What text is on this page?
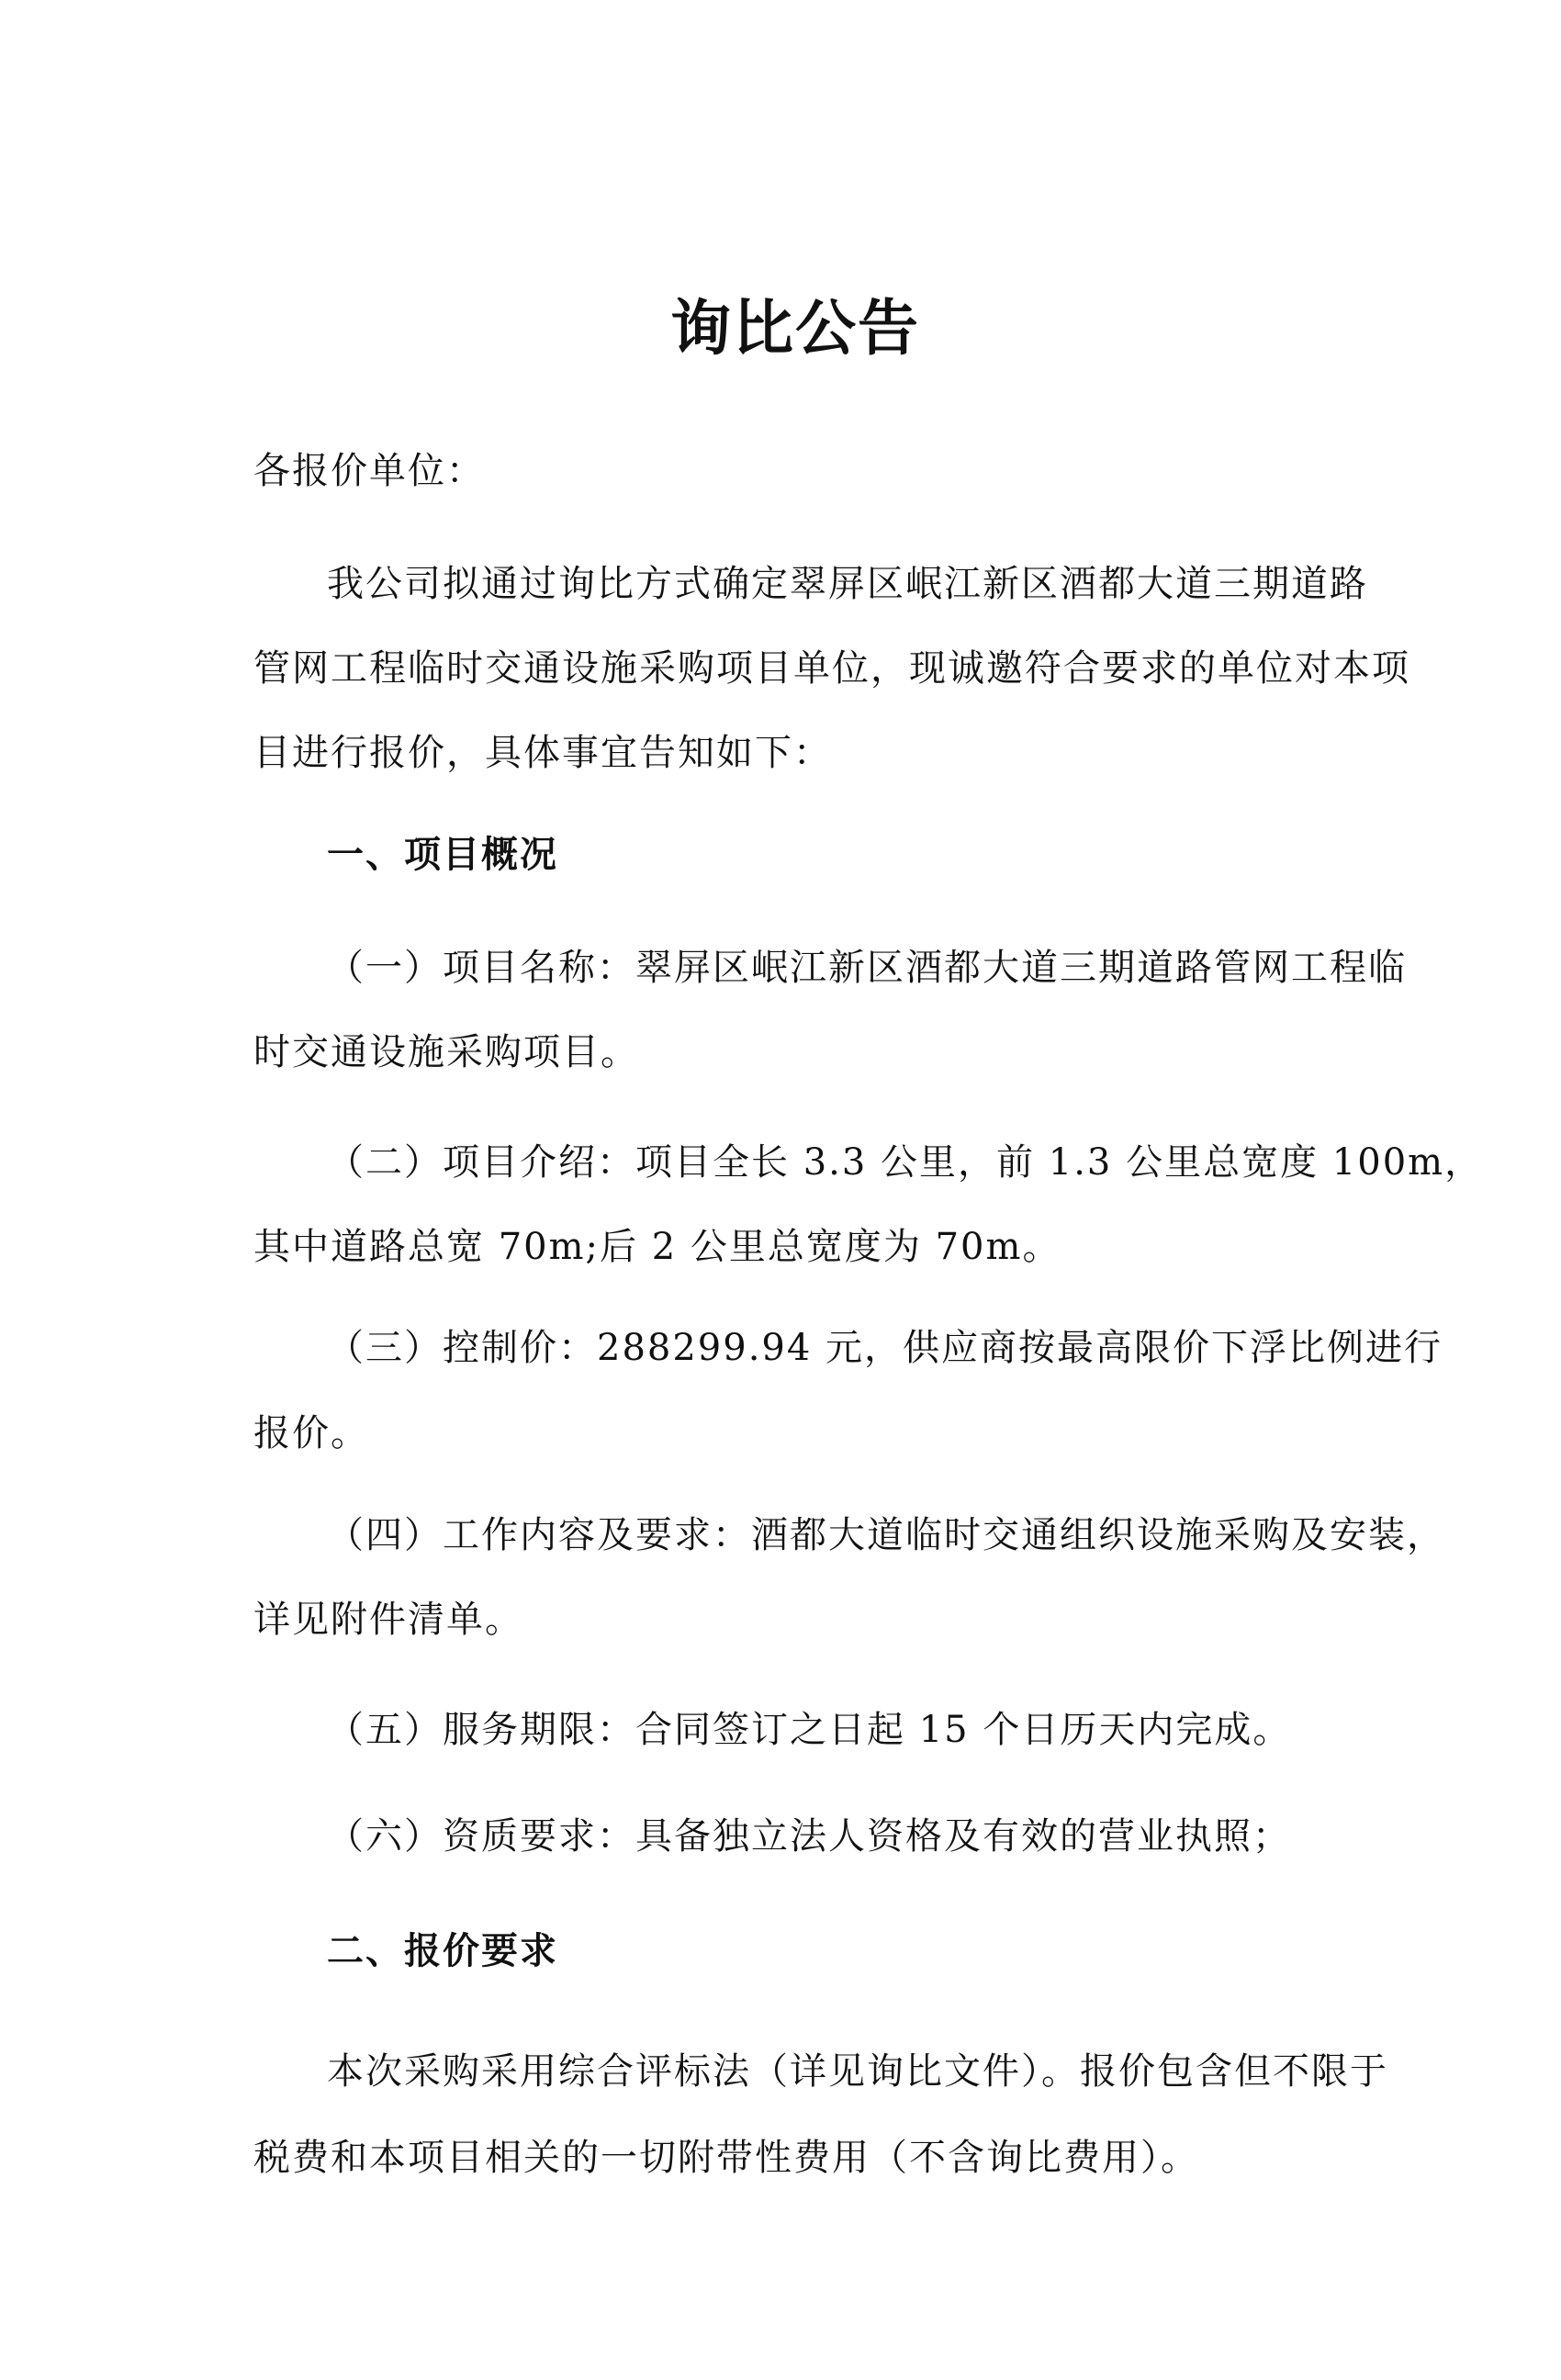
询比公告
各报价单位：
我公司拟通过询比方式确定翠屏区岷江新区酒都大道三期道路
管网工程临时交通设施采购项目单位，现诚邀符合要求的单位对本项
目进行报价，具体事宜告知如下：
一、项目概况
（一）项目名称：翠屏区岷江新区酒都大道三期道路管网工程临
时交通设施采购项目。
（二）项目介绍：项目全长 3.3 公里，前 1.3 公里总宽度 100m，
其中道路总宽 70m;后 2 公里总宽度为 70m。
（三）控制价：288299.94 元，供应商按最高限价下浮比例进行
报价。
（四）工作内容及要求：酒都大道临时交通组织设施采购及安装，
详见附件清单。
（五）服务期限：合同签订之日起 15 个日历天内完成。
（六）资质要求：具备独立法人资格及有效的营业执照；
二、报价要求
本次采购采用综合评标法（详见询比文件）。报价包含但不限于
税费和本项目相关的一切附带性费用（不含询比费用）。
